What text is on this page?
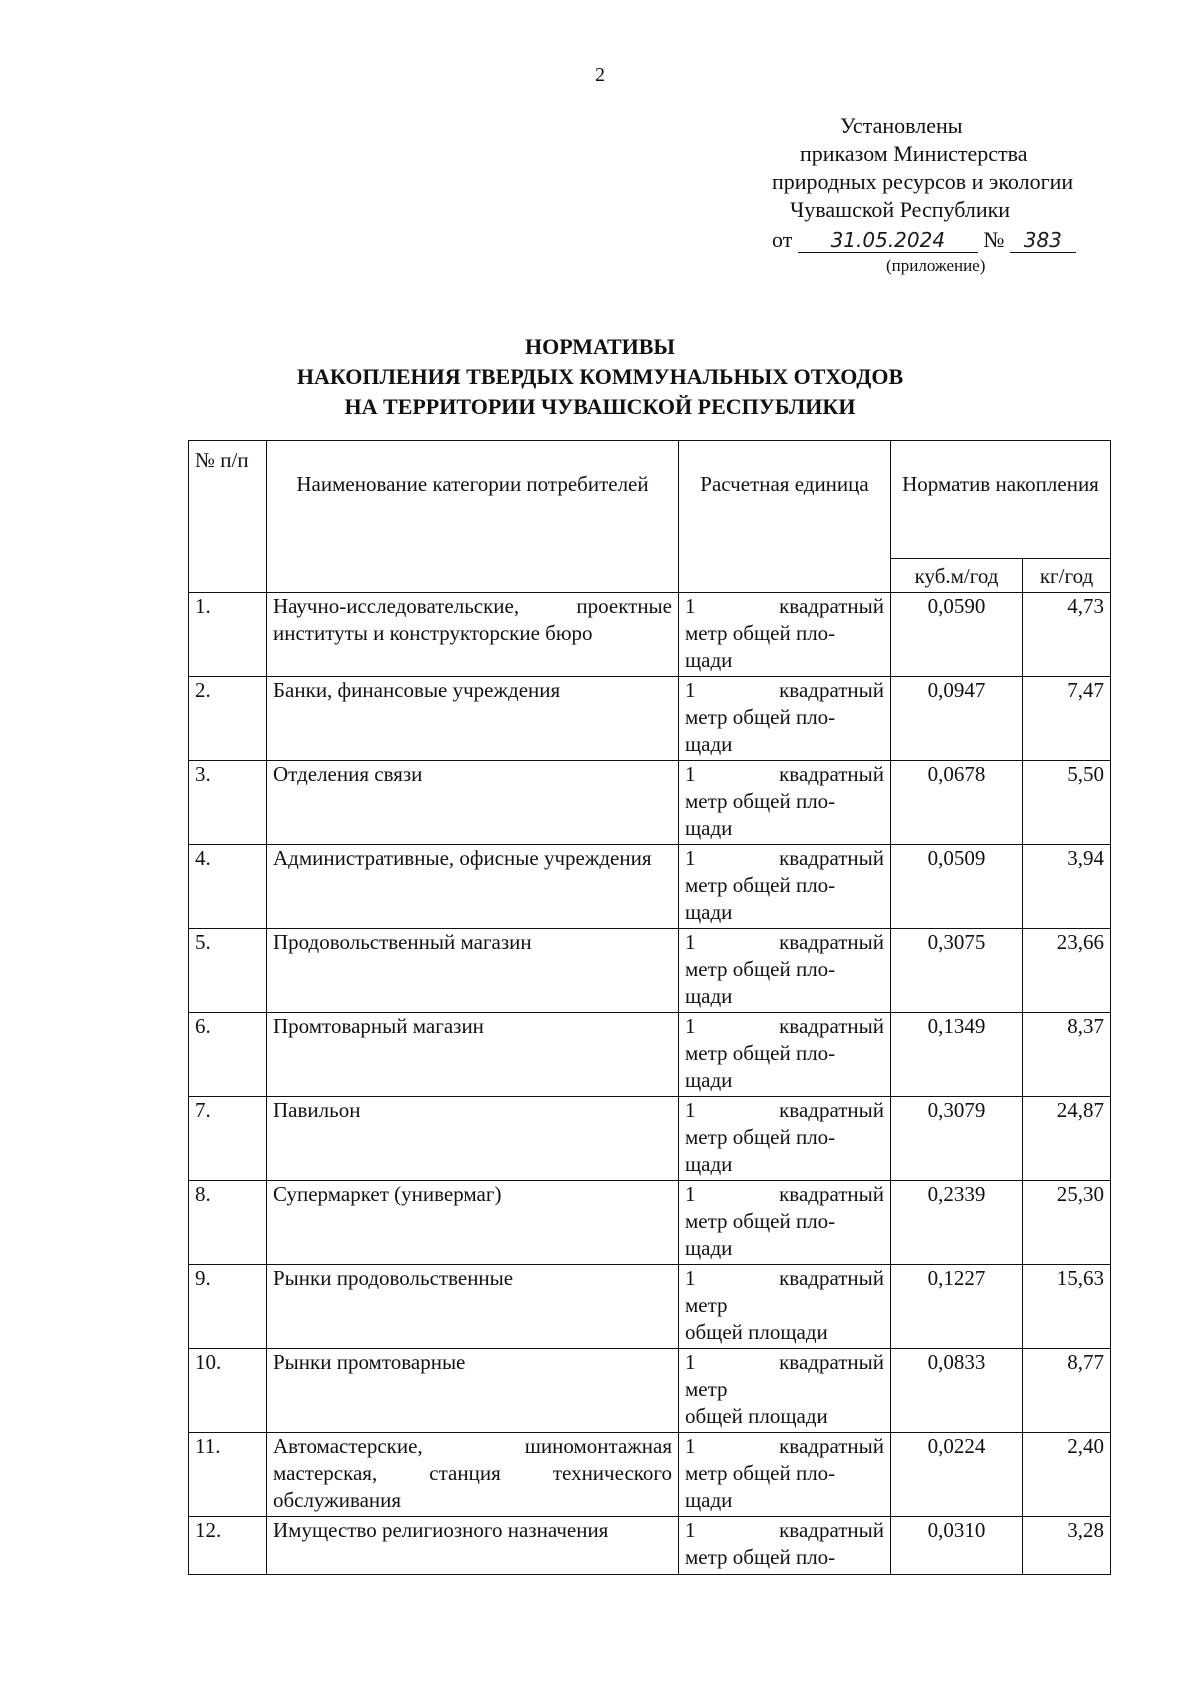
2
Установлены
приказом Министерства
природных ресурсов и экологии
Чувашской Республики
от 31.05.2024 № 383
(приложение)
НОРМАТИВЫ
НАКОПЛЕНИЯ ТВЕРДЫХ КОММУНАЛЬНЫХ ОТХОДОВ
НА ТЕРРИТОРИИ ЧУВАШСКОЙ РЕСПУБЛИКИ
№ п/п	Наименование категории потребителей	Расчетная единица	Норматив накопления	
			куб.м/год	кг/год
1.	Научно-исследовательские, проектные институты и конструкторские бюро	1 квадратный
метр общей пло-
щади	0,0590	4,73
2.	Банки, финансовые учреждения	1 квадратный
метр общей пло-
щади	0,0947	7,47
3.	Отделения связи	1 квадратный
метр общей пло-
щади	0,0678	5,50
4.	Административные, офисные учреждения	1 квадратный
метр общей пло-
щади	0,0509	3,94
5.	Продовольственный магазин	1 квадратный
метр общей пло-
щади	0,3075	23,66
6.	Промтоварный магазин	1 квадратный
метр общей пло-
щади	0,1349	8,37
7.	Павильон	1 квадратный
метр общей пло-
щади	0,3079	24,87
8.	Супермаркет (универмаг)	1 квадратный
метр общей пло-
щади	0,2339	25,30
9.	Рынки продовольственные	1 квадратный
метр
общей площади	0,1227	15,63
10.	Рынки промтоварные	1 квадратный
метр
общей площади	0,0833	8,77
11.	Автомастерские, шиномонтажная мастерская, станция технического обслуживания	1 квадратный
метр общей пло-
щади	0,0224	2,40
12.	Имущество религиозного назначения	1 квадратный
метр общей пло-	0,0310	3,28
